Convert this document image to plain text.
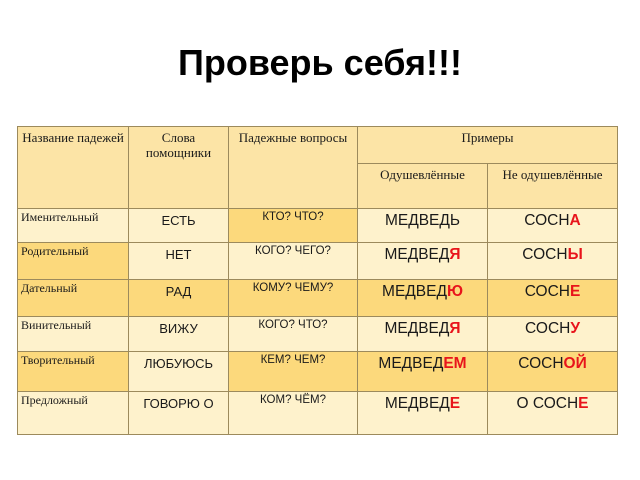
Проверь себя!!!
Название падежей	Слова помощники	Падежные вопросы	Примеры	

			Одушевлённые	Не одушевлённые

Именительный	ЕСТЬ	КТО? ЧТО?	МЕДВЕДЬ	СОСНА

Родительный	НЕТ	КОГО? ЧЕГО?	МЕДВЕДЯ	СОСНЫ

Дательный	РАД	КОМУ? ЧЕМУ?	МЕДВЕДЮ	СОСНЕ

Винительный	ВИЖУ	КОГО? ЧТО?	МЕДВЕДЯ	СОСНУ

Творительный	ЛЮБУЮСЬ	КЕМ? ЧЕМ?	МЕДВЕДЕМ	СОСНОЙ

Предложный	ГОВОРЮ О	КОМ? ЧЁМ?	МЕДВЕДЕ	О СОСНЕ
